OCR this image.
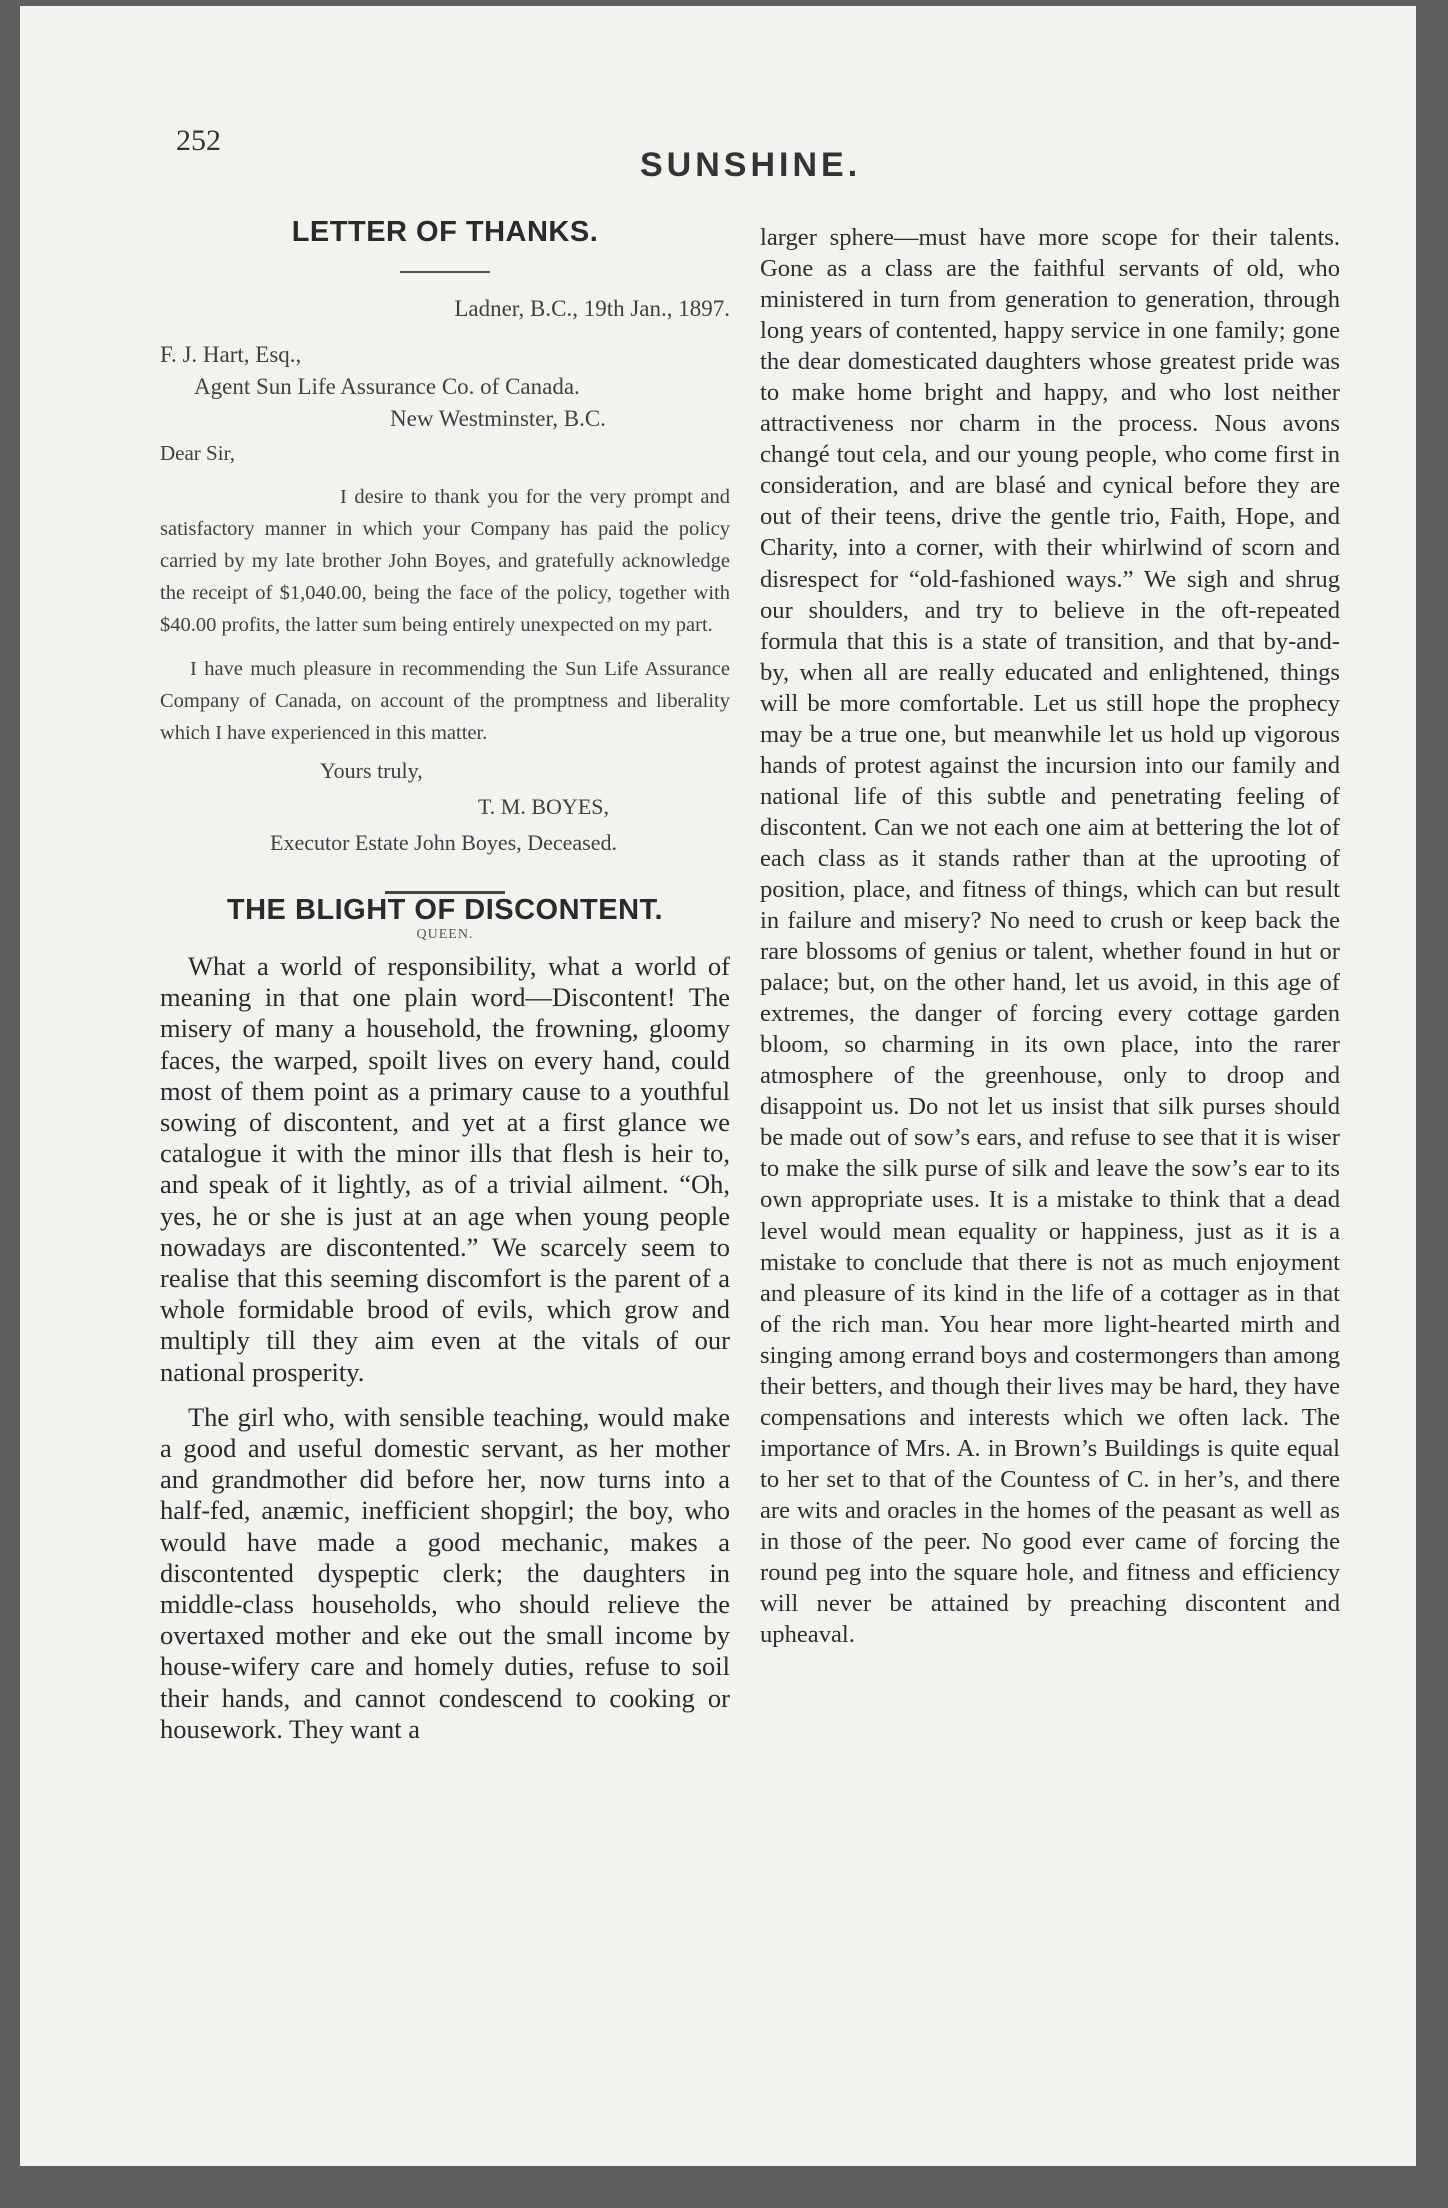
252

SUNSHINE.

LETTER OF THANKS.

Ladner, B.C., 19th Jan., 1897.

F. J. Hart, Esq.,

Agent Sun Life Assurance Co. of Canada.

New Westminster, B.C.

Dear Sir,

I desire to thank you for the very prompt and satisfactory manner in which your Company has paid the policy carried by my late brother John Boyes, and gratefully acknowledge the receipt of $1,040.00, being the face of the policy, together with $40.00 profits, the latter sum being entirely unexpected on my part.

I have much pleasure in recommending the Sun Life Assurance Company of Canada, on account of the promptness and liberality which I have experienced in this matter.

Yours truly,

T. M. BOYES,

Executor Estate John Boyes, Deceased.

THE BLIGHT OF DISCONTENT.

QUEEN.

What a world of responsibility, what a world of meaning in that one plain word—Discontent! The misery of many a household, the frowning, gloomy faces, the warped, spoilt lives on every hand, could most of them point as a primary cause to a youthful sowing of discontent, and yet at a first glance we catalogue it with the minor ills that flesh is heir to, and speak of it lightly, as of a trivial ailment. “Oh, yes, he or she is just at an age when young people nowadays are discontented.” We scarcely seem to realise that this seeming discomfort is the parent of a whole formidable brood of evils, which grow and multiply till they aim even at the vitals of our national prosperity.

The girl who, with sensible teaching, would make a good and useful domestic servant, as her mother and grandmother did before her, now turns into a half-fed, anæmic, inefficient shopgirl; the boy, who would have made a good mechanic, makes a discontented dyspeptic clerk; the daughters in middle-class households, who should relieve the overtaxed mother and eke out the small income by house-wifery care and homely duties, refuse to soil their hands, and cannot condescend to cooking or housework. They want a

larger sphere—must have more scope for their talents. Gone as a class are the faithful servants of old, who ministered in turn from generation to generation, through long years of contented, happy service in one family; gone the dear domesticated daughters whose greatest pride was to make home bright and happy, and who lost neither attractiveness nor charm in the process. Nous avons changé tout cela, and our young people, who come first in consideration, and are blasé and cynical before they are out of their teens, drive the gentle trio, Faith, Hope, and Charity, into a corner, with their whirlwind of scorn and disrespect for “old-fashioned ways.” We sigh and shrug our shoulders, and try to believe in the oft-repeated formula that this is a state of transition, and that by-and-by, when all are really educated and enlightened, things will be more comfortable. Let us still hope the prophecy may be a true one, but meanwhile let us hold up vigorous hands of protest against the incursion into our family and national life of this subtle and penetrating feeling of discontent. Can we not each one aim at bettering the lot of each class as it stands rather than at the uprooting of position, place, and fitness of things, which can but result in failure and misery? No need to crush or keep back the rare blossoms of genius or talent, whether found in hut or palace; but, on the other hand, let us avoid, in this age of extremes, the danger of forcing every cottage garden bloom, so charming in its own place, into the rarer atmosphere of the greenhouse, only to droop and disappoint us. Do not let us insist that silk purses should be made out of sow’s ears, and refuse to see that it is wiser to make the silk purse of silk and leave the sow’s ear to its own appropriate uses. It is a mistake to think that a dead level would mean equality or happiness, just as it is a mistake to conclude that there is not as much enjoyment and pleasure of its kind in the life of a cottager as in that of the rich man. You hear more light-hearted mirth and singing among errand boys and costermongers than among their betters, and though their lives may be hard, they have compensations and interests which we often lack. The importance of Mrs. A. in Brown’s Buildings is quite equal to her set to that of the Countess of C. in her’s, and there are wits and oracles in the homes of the peasant as well as in those of the peer. No good ever came of forcing the round peg into the square hole, and fitness and efficiency will never be attained by preaching discontent and upheaval.
